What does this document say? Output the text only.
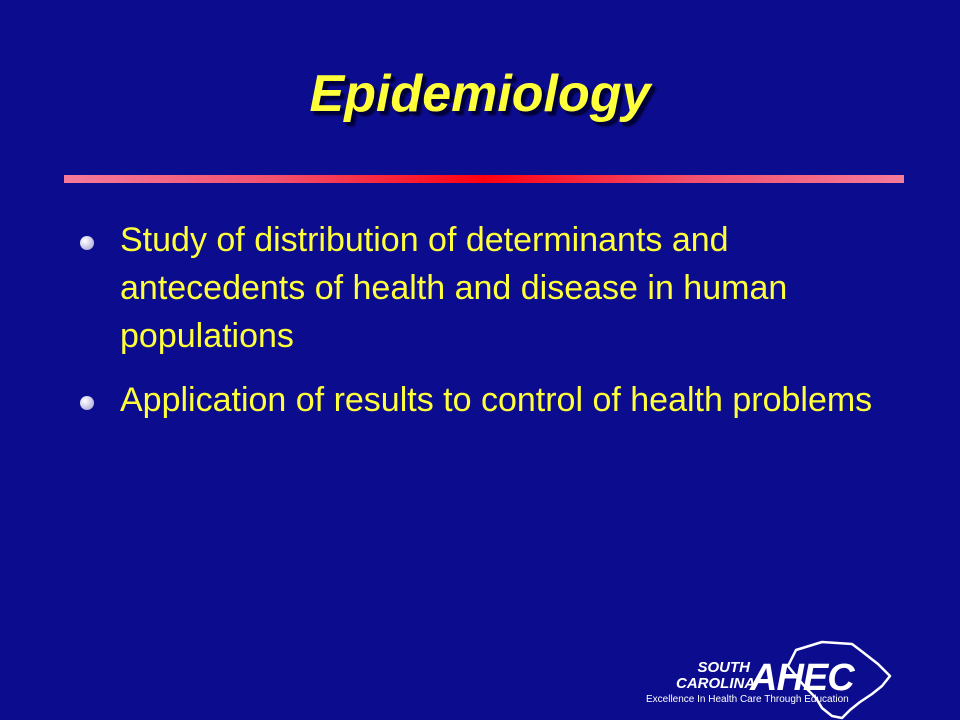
Epidemiology
Study of distribution of determinants and antecedents of health and disease in human populations
Application of results to control of health problems
SOUTH
CAROLINA
AHEC
Excellence In Health Care Through Education
